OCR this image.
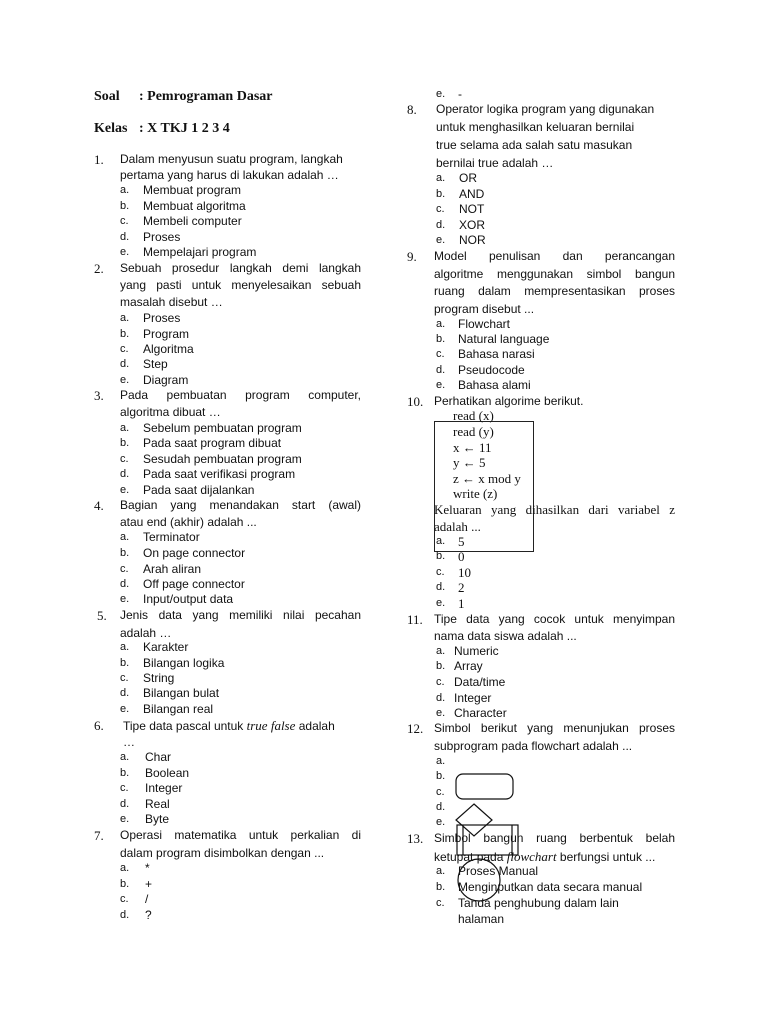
Soal : Pemrograman Dasar
Kelas : X TKJ 1 2 3 4
1. Dalam menyusun suatu program, langkah
pertama yang harus di lakukan adalah …
a. Membuat program
b. Membuat algoritma
c. Membeli computer
d. Proses
e. Mempelajari program
2. Sebuah prosedur langkah demi langkah
yang pasti untuk menyelesaikan sebuah
masalah disebut …
a. Proses
b. Program
c. Algoritma
d. Step
e. Diagram
3. Pada pembuatan program computer,
algoritma dibuat …
a. Sebelum pembuatan program
b. Pada saat program dibuat
c. Sesudah pembuatan program
d. Pada saat verifikasi program
e. Pada saat dijalankan
4. Bagian yang menandakan start (awal)
atau end (akhir) adalah ...
a. Terminator
b. On page connector
c. Arah aliran
d. Off page connector
e. Input/output data
5. Jenis data yang memiliki nilai pecahan
adalah …
a. Karakter
b. Bilangan logika
c. String
d. Bilangan bulat
e. Bilangan real
6. Tipe data pascal untuk true false adalah
…
a. Char
b. Boolean
c. Integer
d. Real
e. Byte
7. Operasi matematika untuk perkalian di
dalam program disimbolkan dengan ...
a. *
b. +
c. /
d. ?
e. -
8. Operator logika program yang digunakan
untuk menghasilkan keluaran bernilai
true selama ada salah satu masukan
bernilai true adalah …
a. OR
b. AND
c. NOT
d. XOR
e. NOR
9. Model penulisan dan perancangan
algoritme menggunakan simbol bangun
ruang dalam mempresentasikan proses
program disebut ...
a. Flowchart
b. Natural language
c. Bahasa narasi
d. Pseudocode
e. Bahasa alami
10. Perhatikan algorime berikut.
read (x)
read (y)
x ← 11
y ← 5
z ← x mod y
write (z)
Keluaran yang dihasilkan dari variabel z
adalah ...
a. 5
b. 0
c. 10
d. 2
e. 1
11. Tipe data yang cocok untuk menyimpan
nama data siswa adalah ...
a. Numeric
b. Array
c. Data/time
d. Integer
e. Character
12. Simbol berikut yang menunjukan proses
subprogram pada flowchart adalah ...
a.
b.
c.
d.
e.
13. Simbol bangun ruang berbentuk belah
ketupat pada flowchart berfungsi untuk ...
a. Proses Manual
b. Menginputkan data secara manual
c. Tanda penghubung dalam lain
halaman
